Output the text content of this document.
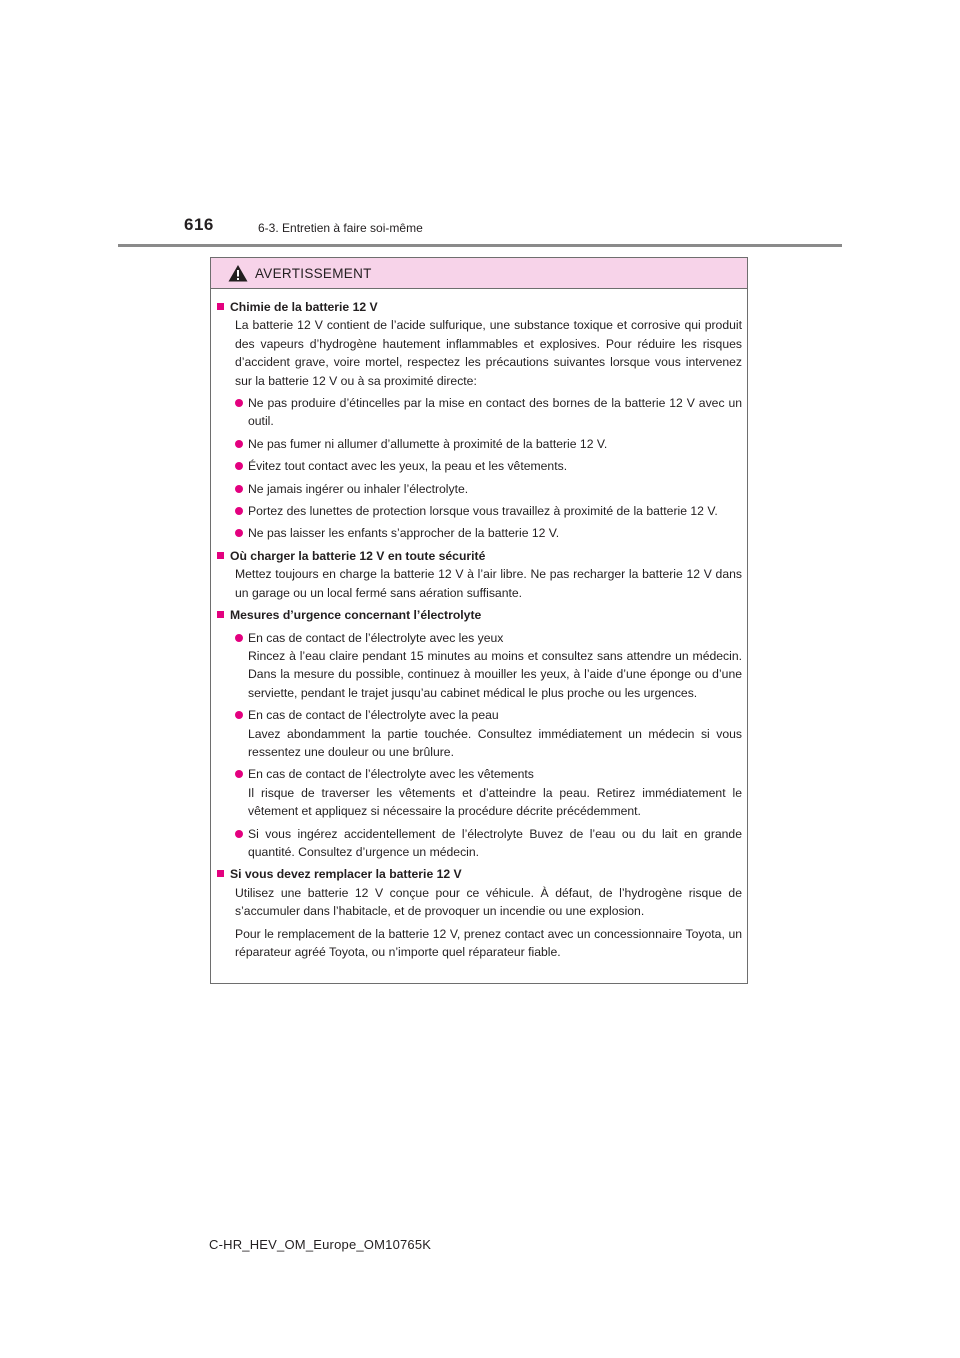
616	6-3. Entretien à faire soi-même
AVERTISSEMENT
Chimie de la batterie 12 V
La batterie 12 V contient de l’acide sulfurique, une substance toxique et corrosive qui produit des vapeurs d’hydrogène hautement inflammables et explosives. Pour réduire les risques d’accident grave, voire mortel, respectez les précautions suivantes lorsque vous intervenez sur la batterie 12 V ou à sa proximité directe:
Ne pas produire d’étincelles par la mise en contact des bornes de la batterie 12 V avec un outil.
Ne pas fumer ni allumer d’allumette à proximité de la batterie 12 V.
Évitez tout contact avec les yeux, la peau et les vêtements.
Ne jamais ingérer ou inhaler l’électrolyte.
Portez des lunettes de protection lorsque vous travaillez à proximité de la batterie 12 V.
Ne pas laisser les enfants s’approcher de la batterie 12 V.
Où charger la batterie 12 V en toute sécurité
Mettez toujours en charge la batterie 12 V à l’air libre. Ne pas recharger la batterie 12 V dans un garage ou un local fermé sans aération suffisante.
Mesures d’urgence concernant l’électrolyte
En cas de contact de l’électrolyte avec les yeux
Rincez à l’eau claire pendant 15 minutes au moins et consultez sans attendre un médecin. Dans la mesure du possible, continuez à mouiller les yeux, à l’aide d’une éponge ou d’une serviette, pendant le trajet jusqu’au cabinet médical le plus proche ou les urgences.
En cas de contact de l’électrolyte avec la peau
Lavez abondamment la partie touchée. Consultez immédiatement un médecin si vous ressentez une douleur ou une brûlure.
En cas de contact de l’électrolyte avec les vêtements
Il risque de traverser les vêtements et d’atteindre la peau. Retirez immédiatement le vêtement et appliquez si nécessaire la procédure décrite précédemment.
Si vous ingérez accidentellement de l’électrolyte Buvez de l’eau ou du lait en grande quantité. Consultez d’urgence un médecin.
Si vous devez remplacer la batterie 12 V
Utilisez une batterie 12 V conçue pour ce véhicule. À défaut, de l’hydrogène risque de s’accumuler dans l’habitacle, et de provoquer un incendie ou une explosion.
Pour le remplacement de la batterie 12 V, prenez contact avec un concessionnaire Toyota, un réparateur agréé Toyota, ou n’importe quel réparateur fiable.
C-HR_HEV_OM_Europe_OM10765K
